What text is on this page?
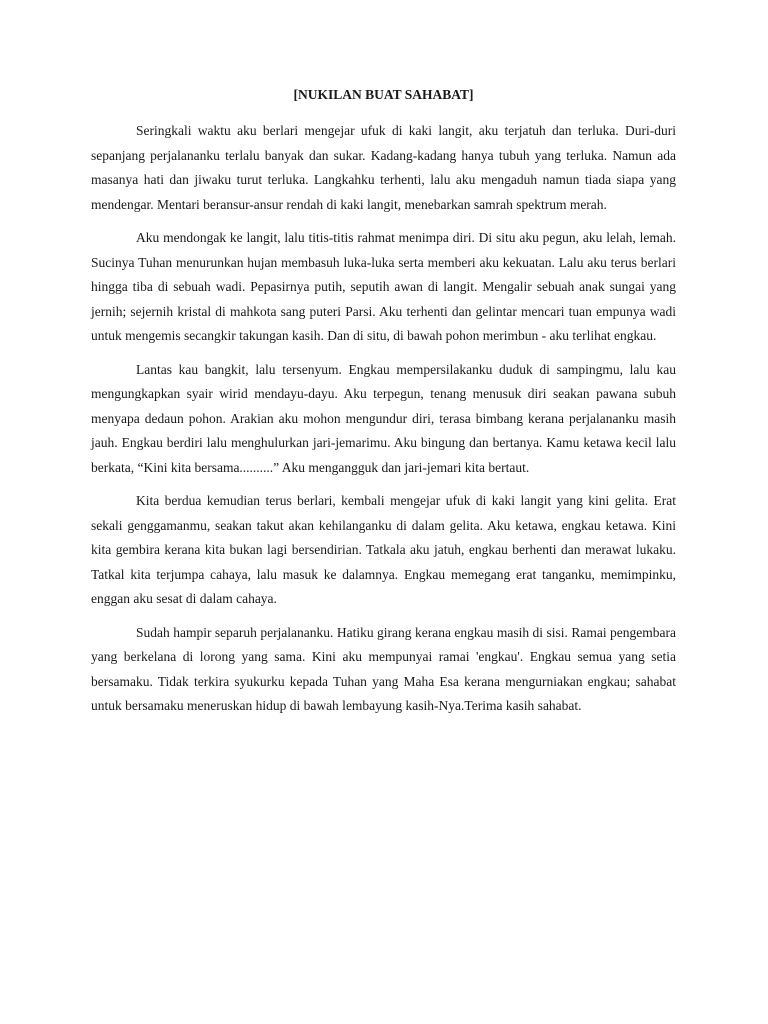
[NUKILAN BUAT SAHABAT]

Seringkali waktu aku berlari mengejar ufuk di kaki langit, aku terjatuh dan terluka. Duri-duri sepanjang perjalananku terlalu banyak dan sukar. Kadang-kadang hanya tubuh yang terluka. Namun ada masanya hati dan jiwaku turut terluka. Langkahku terhenti, lalu aku mengaduh namun tiada siapa yang mendengar. Mentari beransur-ansur rendah di kaki langit, menebarkan samrah spektrum merah.

Aku mendongak ke langit, lalu titis-titis rahmat menimpa diri. Di situ aku pegun, aku lelah, lemah. Sucinya Tuhan menurunkan hujan membasuh luka-luka serta memberi aku kekuatan. Lalu aku terus berlari hingga tiba di sebuah wadi. Pepasirnya putih, seputih awan di langit. Mengalir sebuah anak sungai yang jernih; sejernih kristal di mahkota sang puteri Parsi. Aku terhenti dan gelintar mencari tuan empunya wadi untuk mengemis secangkir takungan kasih. Dan di situ, di bawah pohon merimbun - aku terlihat engkau.

Lantas kau bangkit, lalu tersenyum. Engkau mempersilakanku duduk di sampingmu, lalu kau mengungkapkan syair wirid mendayu-dayu. Aku terpegun, tenang menusuk diri seakan pawana subuh menyapa dedaun pohon. Arakian aku mohon mengundur diri, terasa bimbang kerana perjalananku masih jauh. Engkau berdiri lalu menghulurkan jari-jemarimu. Aku bingung dan bertanya. Kamu ketawa kecil lalu berkata, “Kini kita bersama..........” Aku mengangguk dan jari-jemari kita bertaut.

Kita berdua kemudian terus berlari, kembali mengejar ufuk di kaki langit yang kini gelita. Erat sekali genggamanmu, seakan takut akan kehilanganku di dalam gelita. Aku ketawa, engkau ketawa. Kini kita gembira kerana kita bukan lagi bersendirian. Tatkala aku jatuh, engkau berhenti dan merawat lukaku. Tatkal kita terjumpa cahaya, lalu masuk ke dalamnya. Engkau memegang erat tanganku, memimpinku, enggan aku sesat di dalam cahaya.

Sudah hampir separuh perjalananku. Hatiku girang kerana engkau masih di sisi. Ramai pengembara yang berkelana di lorong yang sama. Kini aku mempunyai ramai 'engkau'. Engkau semua yang setia bersamaku. Tidak terkira syukurku kepada Tuhan yang Maha Esa kerana mengurniakan engkau; sahabat untuk bersamaku meneruskan hidup di bawah lembayung kasih-Nya.Terima kasih sahabat.
